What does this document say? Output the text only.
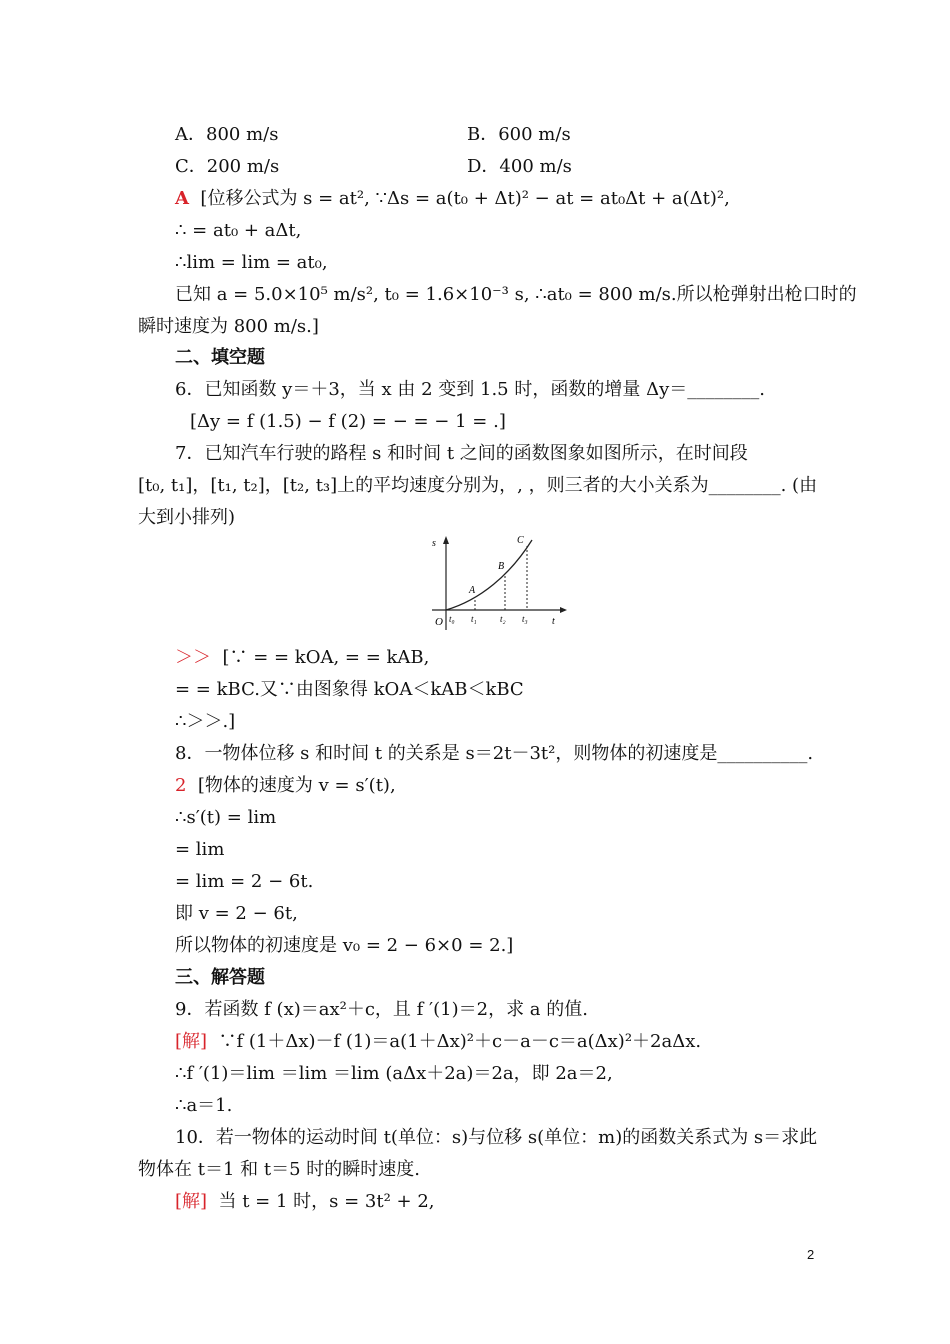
A．800 m/s	B．600 m/s
C．200 m/s	D．400 m/s
A [位移公式为 s = at², ∵Δs = a(t₀ + Δt)² − at = at₀Δt + a(Δt)²,
∴ = at₀ + aΔt,
∴lim = lim = at₀,
已知 a = 5.0×10⁵ m/s², t₀ = 1.6×10⁻³ s, ∴at₀ = 800 m/s.所以枪弹射出枪口时的
瞬时速度为 800 m/s.]
二、填空题
6．已知函数 y＝＋3，当 x 由 2 变到 1.5 时，函数的增量 Δy＝________.
[Δy = f (1.5) − f (2) = − = − 1 = .]
7．已知汽车行驶的路程 s 和时间 t 之间的函数图象如图所示，在时间段
[t₀, t₁]，[t₁, t₂]，[t₂, t₃]上的平均速度分别为，, ，则三者的大小关系为________. (由
大到小排列)
s
t
O
A
B
C
t₀ t₁	t₂ t₃
＞＞ [∵ = = kOA, = = kAB,
= = kBC.又∵由图象得 kOA＜kAB＜kBC
∴＞＞.]
8．一物体位移 s 和时间 t 的关系是 s＝2t－3t²，则物体的初速度是__________.
2 [物体的速度为 v = s′(t),
∴s′(t) = lim
= lim
= lim = 2 − 6t.
即 v = 2 − 6t,
所以物体的初速度是 v₀ = 2 − 6×0 = 2.]
三、解答题
9．若函数 f (x)＝ax²＋c，且 f ′(1)＝2，求 a 的值.
[解] ∵f (1＋Δx)－f (1)＝a(1＋Δx)²＋c－a－c＝a(Δx)²＋2aΔx.
∴f ′(1)＝lim ＝lim ＝lim (aΔx＋2a)＝2a，即 2a＝2,
∴a＝1.
10．若一物体的运动时间 t(单位：s)与位移 s(单位：m)的函数关系式为 s＝求此
物体在 t＝1 和 t＝5 时的瞬时速度.
[解] 当 t = 1 时，s = 3t² + 2,
2
